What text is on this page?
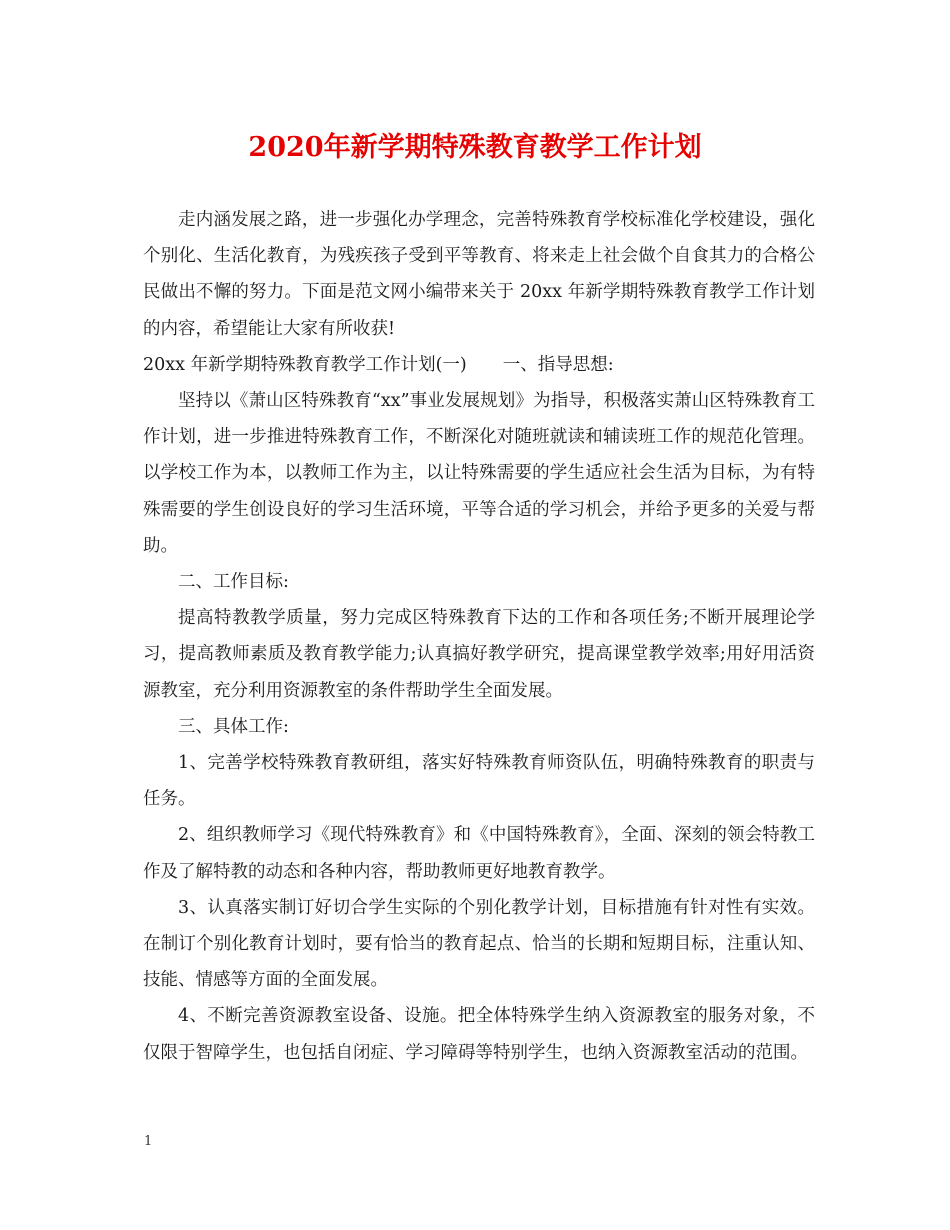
2020年新学期特殊教育教学工作计划

走内涵发展之路，进一步强化办学理念，完善特殊教育学校标准化学校建设，强化个别化、生活化教育，为残疾孩子受到平等教育、将来走上社会做个自食其力的合格公民做出不懈的努力。下面是范文网小编带来关于 20xx 年新学期特殊教育教学工作计划的内容，希望能让大家有所收获!

20xx 年新学期特殊教育教学工作计划(一) 一、指导思想:

坚持以《萧山区特殊教育“xx”事业发展规划》为指导，积极落实萧山区特殊教育工作计划，进一步推进特殊教育工作，不断深化对随班就读和辅读班工作的规范化管理。以学校工作为本，以教师工作为主，以让特殊需要的学生适应社会生活为目标，为有特殊需要的学生创设良好的学习生活环境，平等合适的学习机会，并给予更多的关爱与帮助。

二、工作目标:

提高特教教学质量，努力完成区特殊教育下达的工作和各项任务;不断开展理论学习，提高教师素质及教育教学能力;认真搞好教学研究，提高课堂教学效率;用好用活资源教室，充分利用资源教室的条件帮助学生全面发展。

三、具体工作:

1、完善学校特殊教育教研组，落实好特殊教育师资队伍，明确特殊教育的职责与任务。

2、组织教师学习《现代特殊教育》和《中国特殊教育》，全面、深刻的领会特教工作及了解特教的动态和各种内容，帮助教师更好地教育教学。

3、认真落实制订好切合学生实际的个别化教学计划，目标措施有针对性有实效。在制订个别化教育计划时，要有恰当的教育起点、恰当的长期和短期目标，注重认知、技能、情感等方面的全面发展。

4、不断完善资源教室设备、设施。把全体特殊学生纳入资源教室的服务对象，不仅限于智障学生，也包括自闭症、学习障碍等特别学生，也纳入资源教室活动的范围。

1
